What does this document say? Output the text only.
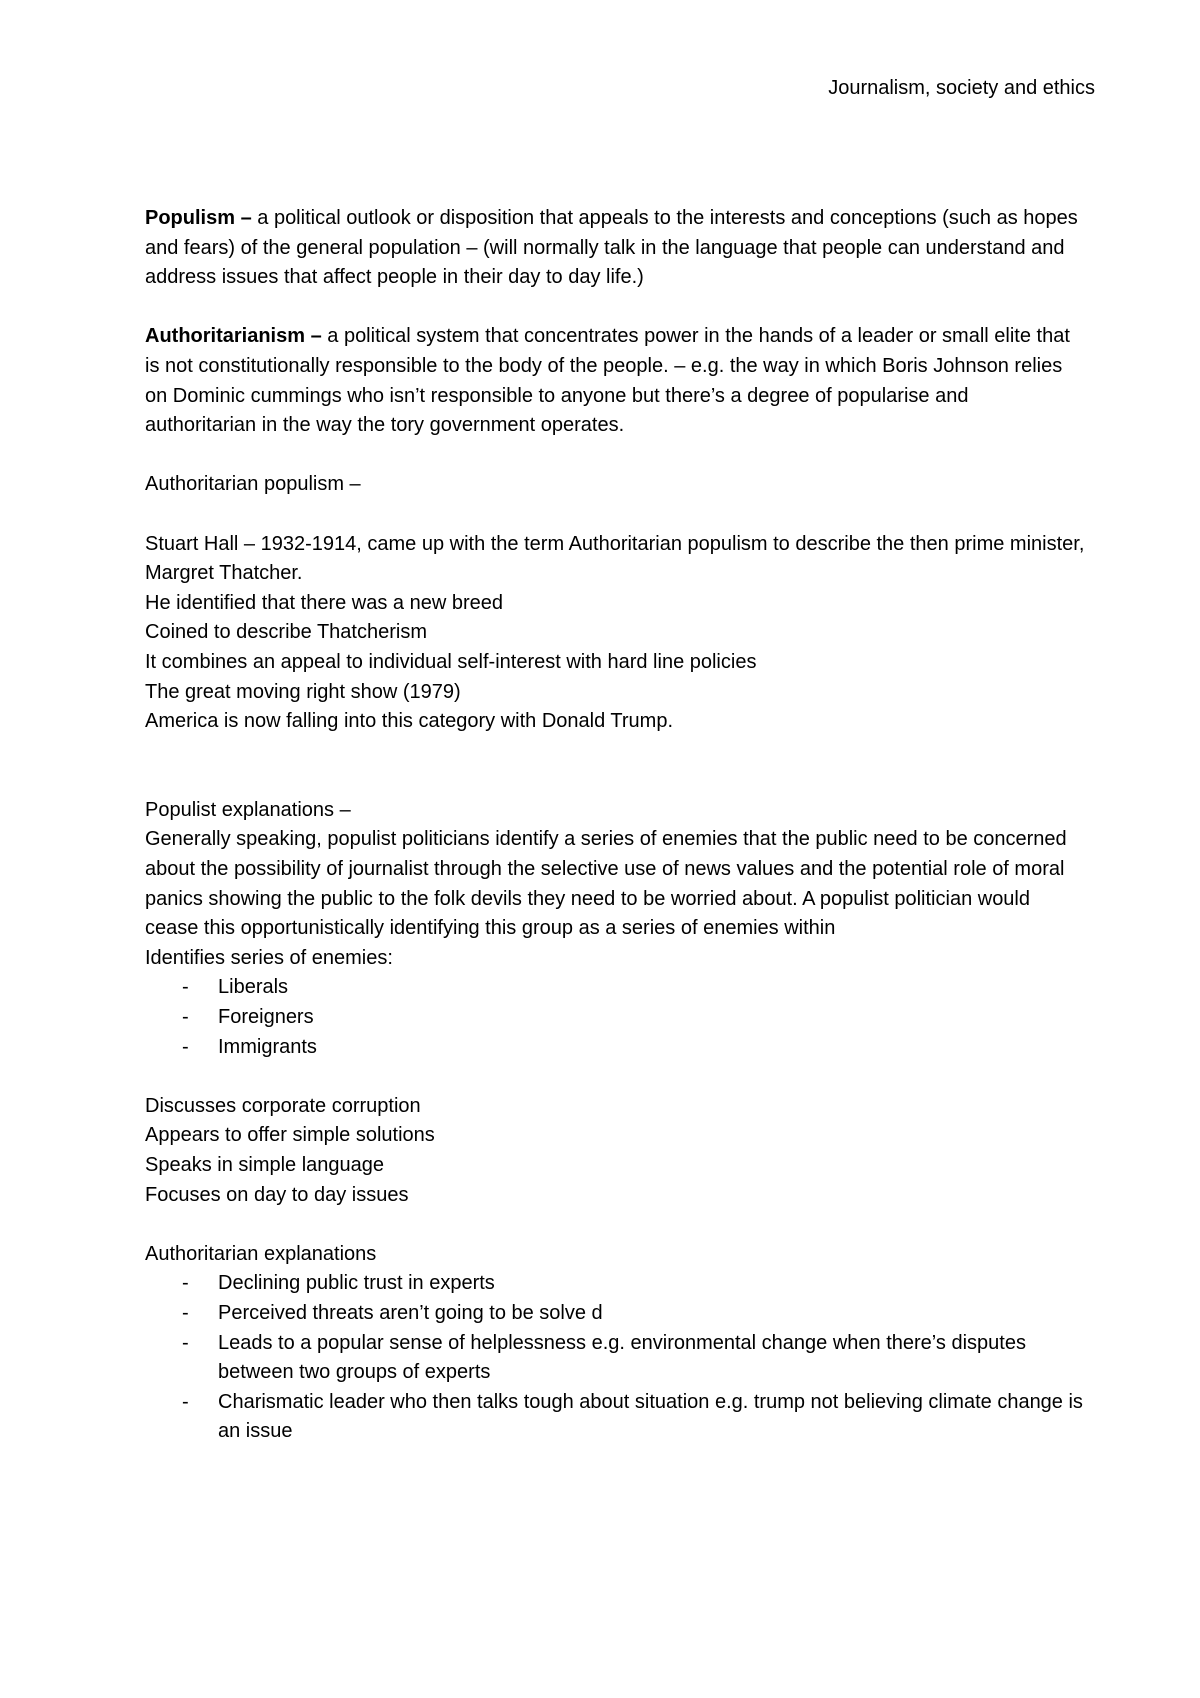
Journalism, society and ethics

Populism – a political outlook or disposition that appeals to the interests and conceptions (such as hopes and fears) of the general population – (will normally talk in the language that people can understand and address issues that affect people in their day to day life.)

Authoritarianism – a political system that concentrates power in the hands of a leader or small elite that is not constitutionally responsible to the body of the people. – e.g. the way in which Boris Johnson relies on Dominic cummings who isn’t responsible to anyone but there’s a degree of popularise and authoritarian in the way the tory government operates.

Authoritarian populism –

Stuart Hall – 1932-1914, came up with the term Authoritarian populism to describe the then prime minister, Margret Thatcher.

He identified that there was a new breed

Coined to describe Thatcherism

It combines an appeal to individual self-interest with hard line policies

The great moving right show (1979)

America is now falling into this category with Donald Trump.

Populist explanations –

Generally speaking, populist politicians identify a series of enemies that the public need to be concerned about the possibility of journalist through the selective use of news values and the potential role of moral panics showing the public to the folk devils they need to be worried about. A populist politician would cease this opportunistically identifying this group as a series of enemies within

Identifies series of enemies:

- Liberals
- Foreigners
- Immigrants

Discusses corporate corruption

Appears to offer simple solutions

Speaks in simple language

Focuses on day to day issues

Authoritarian explanations

- Declining public trust in experts
- Perceived threats aren’t going to be solve d
- Leads to a popular sense of helplessness e.g. environmental change when there’s disputes between two groups of experts
- Charismatic leader who then talks tough about situation e.g. trump not believing climate change is an issue
